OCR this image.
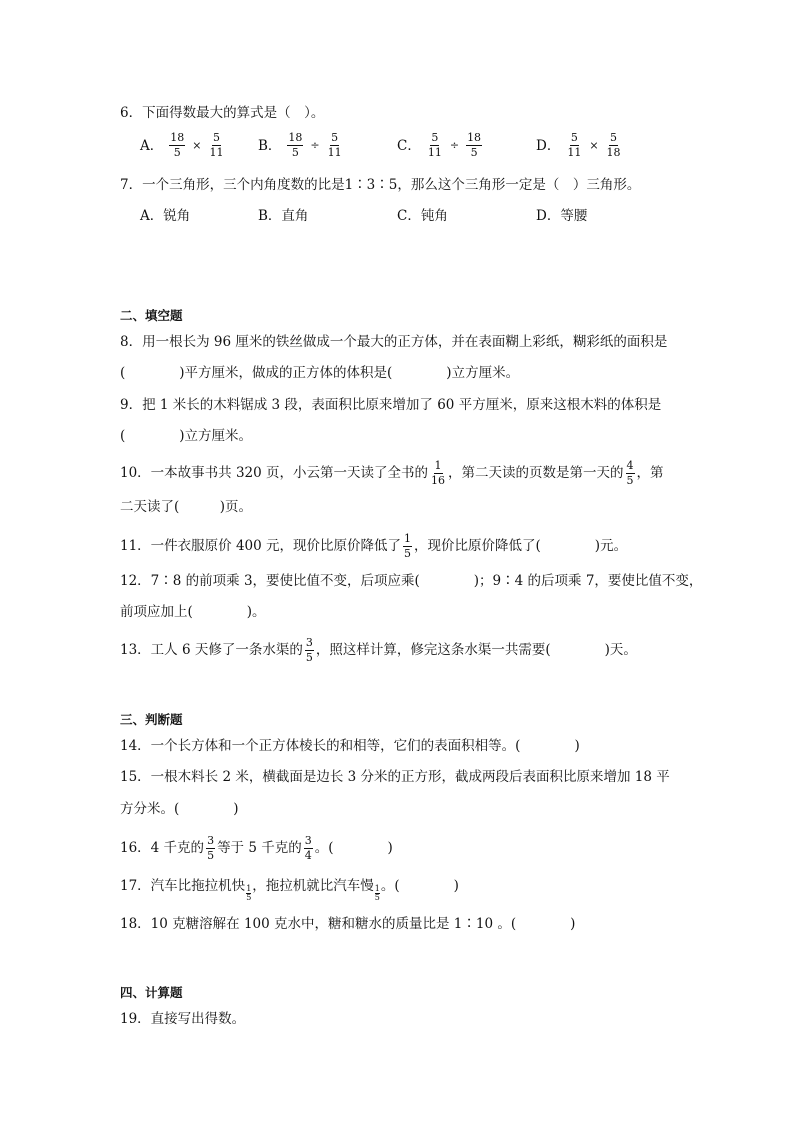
6．下面得数最大的算式是（　）。
A． $\frac{18}{5} \times \frac{5}{11}$ B． $\frac{18}{5} \div \frac{5}{11}$	C． $\frac{5}{11} \div \frac{18}{5}$	D． $\frac{5}{11} \times \frac{5}{18}$
7．一个三角形，三个内角度数的比是1∶3∶5，那么这个三角形一定是（　）三角形。
A．锐角	B．直角	C．钝角	D．等腰
二、填空题
8．用一根长为 96 厘米的铁丝做成一个最大的正方体，并在表面糊上彩纸，糊彩纸的面积是
(　　　　)平方厘米，做成的正方体的体积是(　　　　)立方厘米。
9．把 1 米长的木料锯成 3 段，表面积比原来增加了 60 平方厘米，原来这根木料的体积是
(　　　　)立方厘米。
10．一本故事书共 320 页，小云第一天读了全书的 $\frac{1}{16}$ ，第二天读的页数是第一天的 $\frac{4}{5}$ ，第
二天读了(　　　)页。
11．一件衣服原价 400 元，现价比原价降低了 $\frac{1}{5}$ ，现价比原价降低了(　　　　)元。
12．7∶8 的前项乘 3，要使比值不变，后项应乘(　　　　)；9∶4 的后项乘 7，要使比值不变，
前项应加上(　　　　)。
13．工人 6 天修了一条水渠的 $\frac{3}{5}$ ，照这样计算，修完这条水渠一共需要(　　　　)天。
三、判断题
14．一个长方体和一个正方体棱长的和相等，它们的表面积相等。(　　　　)
15．一根木料长 2 米，横截面是边长 3 分米的正方形，截成两段后表面积比原来增加 18 平
方分米。(　　　　)
16．4 千克的 $\frac{3}{5}$ 等于 5 千克的 $\frac{3}{4}$ 。(　　　　)
17．汽车比拖拉机快 $\frac{1}{5}$ ，拖拉机就比汽车慢 $\frac{1}{5}$ 。(　　　　)
18．10 克糖溶解在 100 克水中，糖和糖水的质量比是 1∶10 。(　　　　)
四、计算题
19．直接写出得数。
